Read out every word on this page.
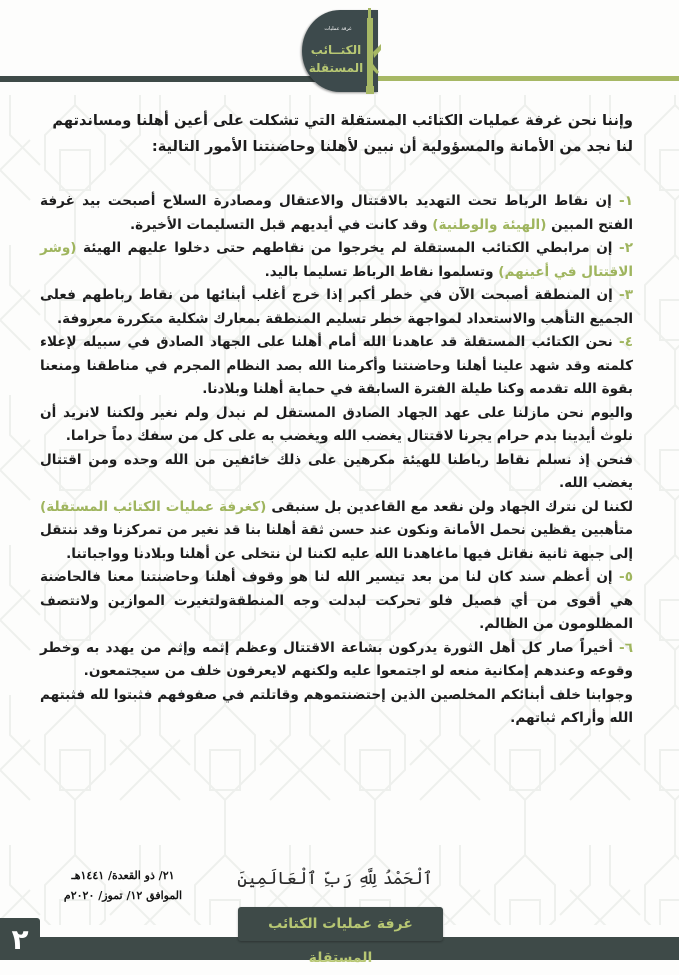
غرفة عمليات
الكتــائب
المستقلة

وإننا نحن غرفة عمليات الكتائب المستقلة التي تشكلت على أعين أهلنا ومساندتهم لنا نجد من الأمانة والمسؤولية أن نبين لأهلنا وحاضنتنا الأمور التالية:

١- إن نقاط الرباط تحت التهديد بالاقتتال والاعتقال ومصادرة السلاح أصبحت بيد غرفة الفتح المبين (الهيئة والوطنية) وقد كانت في أيديهم قبل التسليمات الأخيرة.

٢- إن مرابطي الكتائب المستقلة لم يخرجوا من نقاطهم حتى دخلوا عليهم الهيئة (وشر الاقتتال في أعينهم) وتسلموا نقاط الرباط تسليما باليد.

٣- إن المنطقة أصبحت الآن في خطر أكبر إذا خرج أغلب أبنائها من نقاط رباطهم فعلى الجميع التأهب والاستعداد لمواجهة خطر تسليم المنطقة بمعارك شكلية متكررة معروفة.

٤- نحن الكتائب المستقلة قد عاهدنا الله أمام أهلنا على الجهاد الصادق في سبيله لإعلاء كلمته وقد شهد علينا أهلنا وحاضنتنا وأكرمنا الله بصد النظام المجرم في مناطقنا ومنعنا بقوة الله تقدمه وكنا طيلة الفترة السابقة في حماية أهلنا وبلادنا.

واليوم نحن مازلنا على عهد الجهاد الصادق المستقل لم نبدل ولم نغير ولكننا لانريد أن نلوث أيدينا بدم حرام يجرنا لاقتتال يغضب الله ويغضب به على كل من سفك دماً حراما.

فنحن إذ نسلم نقاط رباطنا للهيئة مكرهين على ذلك خائفين من الله وحده ومن اقتتال يغضب الله.

لكننا لن نترك الجهاد ولن نقعد مع القاعدين بل سنبقى (كغرفة عمليات الكتائب المستقلة) متأهبين يقظين نحمل الأمانة ونكون عند حسن ثقة أهلنا بنا قد نغير من تمركزنا وقد ننتقل إلى جبهة ثانية نقاتل فيها ماعاهدنا الله عليه لكننا لن نتخلى عن أهلنا وبلادنا وواجباتنا.

٥- إن أعظم سند كان لنا من بعد تيسير الله لنا هو وقوف أهلنا وحاضنتنا معنا فالحاضنة هي أقوى من أي فصيل فلو تحركت لبدلت وجه المنطقةولتغيرت الموازين ولانتصف المظلومون من الظالم.

٦- أخيراً صار كل أهل الثورة يدركون بشاعة الاقتتال وعظم إثمه وإثم من يهدد به وخطر وقوعه وعندهم إمكانية منعه لو اجتمعوا عليه ولكنهم لايعرفون خلف من سيجتمعون.

وجوابنا خلف أبنائكم المخلصين الذين إحتضنتموهم وقاتلتم في صفوفهم فثبتوا لله فثبتهم الله وأراكم ثباتهم.

ٱلْحَمْدُ لِلَّهِ رَبِّ ٱلْعَالَمِينَ
غرفة عمليات الكتائب المستقلة
٢١/ ذو القعدة/ ١٤٤١هـ
الموافق ١٢/ تموز/ ٢٠٢٠م
٢
